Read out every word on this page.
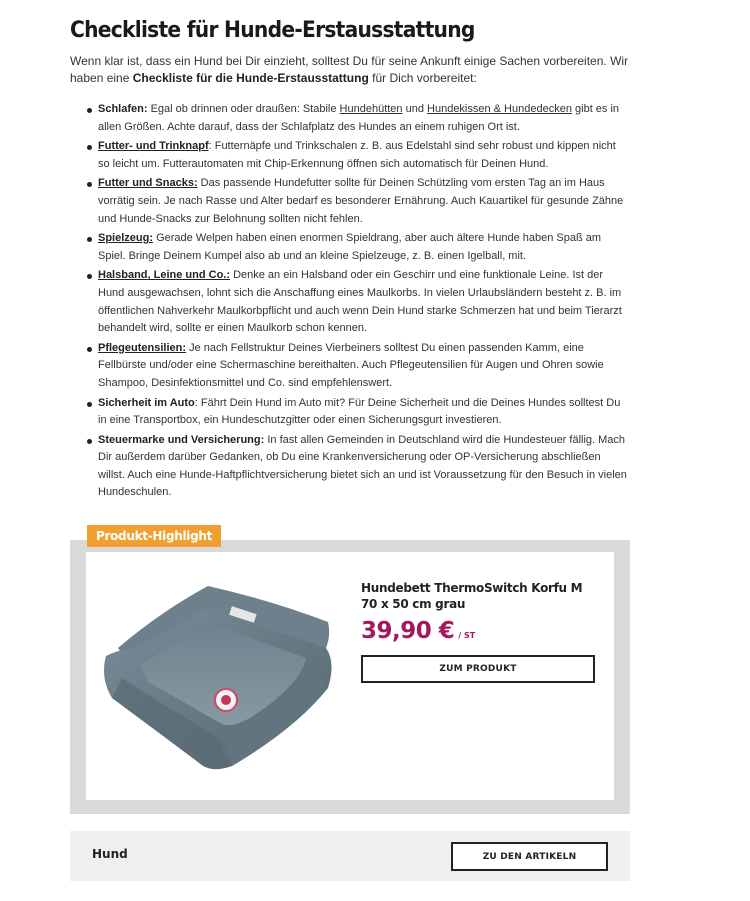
Checkliste für Hunde-Erstausstattung

Wenn klar ist, dass ein Hund bei Dir einzieht, solltest Du für seine Ankunft einige Sachen vorbereiten. Wir haben eine Checkliste für die Hunde-Erstausstattung für Dich vorbereitet:

Schlafen: Egal ob drinnen oder draußen: Stabile Hundehütten und Hundekissen & Hundedecken gibt es in allen Größen. Achte darauf, dass der Schlafplatz des Hundes an einem ruhigen Ort ist.
Futter- und Trinknapf: Futternäpfe und Trinkschalen z. B. aus Edelstahl sind sehr robust und kippen nicht so leicht um. Futterautomaten mit Chip-Erkennung öffnen sich automatisch für Deinen Hund.
Futter und Snacks: Das passende Hundefutter sollte für Deinen Schützling vom ersten Tag an im Haus vorrätig sein. Je nach Rasse und Alter bedarf es besonderer Ernährung. Auch Kauartikel für gesunde Zähne und Hunde-Snacks zur Belohnung sollten nicht fehlen.
Spielzeug: Gerade Welpen haben einen enormen Spieldrang, aber auch ältere Hunde haben Spaß am Spiel. Bringe Deinem Kumpel also ab und an kleine Spielzeuge, z. B. einen Igelball, mit.
Halsband, Leine und Co.: Denke an ein Halsband oder ein Geschirr und eine funktionale Leine. Ist der Hund ausgewachsen, lohnt sich die Anschaffung eines Maulkorbs. In vielen Urlaubsländern besteht z. B. im öffentlichen Nahverkehr Maulkorbpflicht und auch wenn Dein Hund starke Schmerzen hat und beim Tierarzt behandelt wird, sollte er einen Maulkorb schon kennen.
Pflegeutensilien: Je nach Fellstruktur Deines Vierbeiners solltest Du einen passenden Kamm, eine Fellbürste und/oder eine Schermaschine bereithalten. Auch Pflegeutensilien für Augen und Ohren sowie Shampoo, Desinfektionsmittel und Co. sind empfehlenswert.
Sicherheit im Auto: Fährt Dein Hund im Auto mit? Für Deine Sicherheit und die Deines Hundes solltest Du in eine Transportbox, ein Hundeschutzgitter oder einen Sicherungsgurt investieren.
Steuermarke und Versicherung: In fast allen Gemeinden in Deutschland wird die Hundesteuer fällig. Mach Dir außerdem darüber Gedanken, ob Du eine Krankenversicherung oder OP-Versicherung abschließen willst. Auch eine Hunde-Haftpflichtversicherung bietet sich an und ist Voraussetzung für den Besuch in vielen Hundeschulen.
Produkt-Highlight
Hundebett ThermoSwitch Korfu M 70 x 50 cm grau
39,90 € / ST
ZUM PRODUKT
Hund	ZU DEN ARTIKELN
